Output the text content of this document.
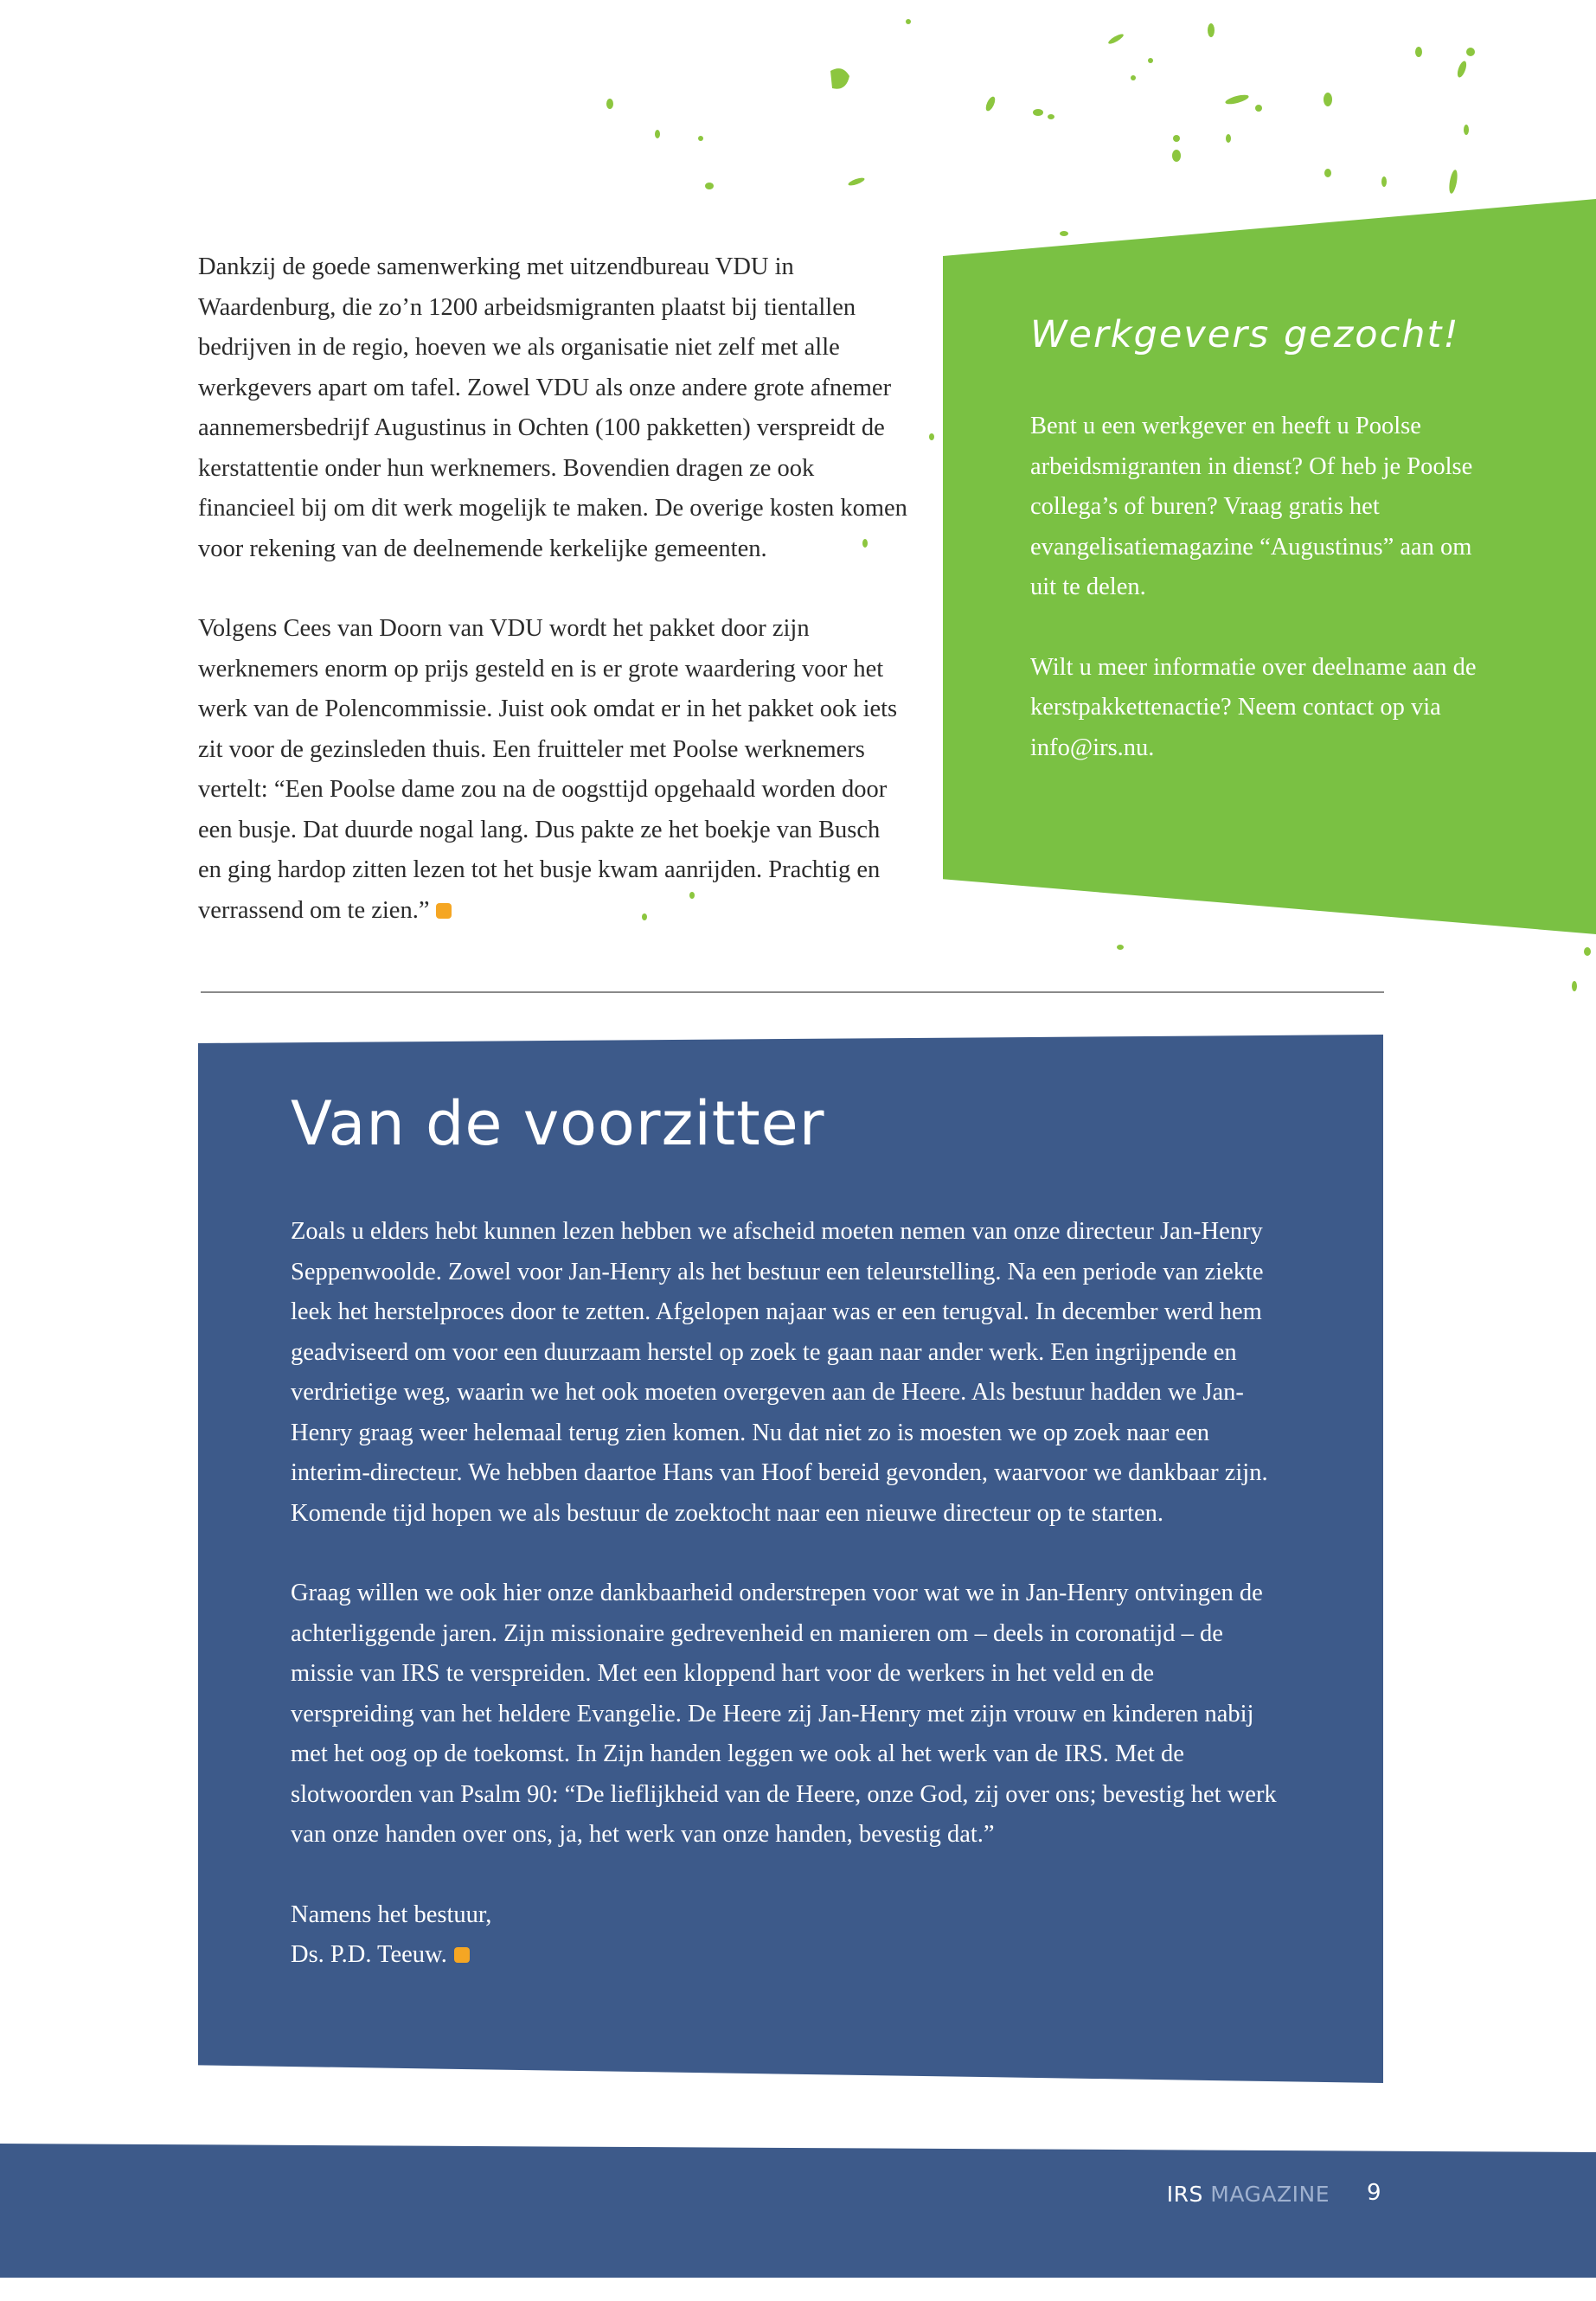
Dankzij de goede samenwerking met uitzendbureau VDU in Waardenburg, die zo’n 1200 arbeidsmigranten plaatst bij tientallen bedrijven in de regio, hoeven we als organisatie niet zelf met alle werkgevers apart om tafel. Zowel VDU als onze andere grote afnemer aannemersbedrijf Augustinus in Ochten (100 pakketten) verspreidt de kerstattentie onder hun werknemers. Bovendien dragen ze ook financieel bij om dit werk mogelijk te maken. De overige kosten komen voor rekening van de deelnemende kerkelijke gemeenten.

Volgens Cees van Doorn van VDU wordt het pakket door zijn werknemers enorm op prijs gesteld en is er grote waardering voor het werk van de Polencommissie. Juist ook omdat er in het pakket ook iets zit voor de gezinsleden thuis. Een fruitteler met Poolse werknemers vertelt: “Een Poolse dame zou na de oogsttijd opgehaald worden door een busje. Dat duurde nogal lang. Dus pakte ze het boekje van Busch en ging hardop zitten lezen tot het busje kwam aanrijden. Prachtig en verrassend om te zien.”

Werkgevers gezocht!

Bent u een werkgever en heeft u Poolse arbeidsmigranten in dienst? Of heb je Poolse collega’s of buren? Vraag gratis het evangelisatiemagazine “Augustinus” aan om uit te delen.

Wilt u meer informatie over deelname aan de kerstpakkettenactie? Neem contact op via info@irs.nu.

Van de voorzitter

Zoals u elders hebt kunnen lezen hebben we afscheid moeten nemen van onze directeur Jan-Henry Seppenwoolde. Zowel voor Jan-Henry als het bestuur een teleurstelling. Na een periode van ziekte leek het herstelproces door te zetten. Afgelopen najaar was er een terugval. In december werd hem geadviseerd om voor een duurzaam herstel op zoek te gaan naar ander werk. Een ingrijpende en verdrietige weg, waarin we het ook moeten overgeven aan de Heere. Als bestuur hadden we Jan-Henry graag weer helemaal terug zien komen. Nu dat niet zo is moesten we op zoek naar een interim-directeur. We hebben daartoe Hans van Hoof bereid gevonden, waarvoor we dankbaar zijn. Komende tijd hopen we als bestuur de zoektocht naar een nieuwe directeur op te starten.

Graag willen we ook hier onze dankbaarheid onderstrepen voor wat we in Jan-Henry ontvingen de achterliggende jaren. Zijn missionaire gedrevenheid en manieren om – deels in coronatijd – de missie van IRS te verspreiden. Met een kloppend hart voor de werkers in het veld en de verspreiding van het heldere Evangelie. De Heere zij Jan-Henry met zijn vrouw en kinderen nabij met het oog op de toekomst. In Zijn handen leggen we ook al het werk van de IRS. Met de slotwoorden van Psalm 90: “De lieflijkheid van de Heere, onze God, zij over ons; bevestig het werk van onze handen over ons, ja, het werk van onze handen, bevestig dat.”

Namens het bestuur,
Ds. P.D. Teeuw.

IRS MAGAZINE 9
